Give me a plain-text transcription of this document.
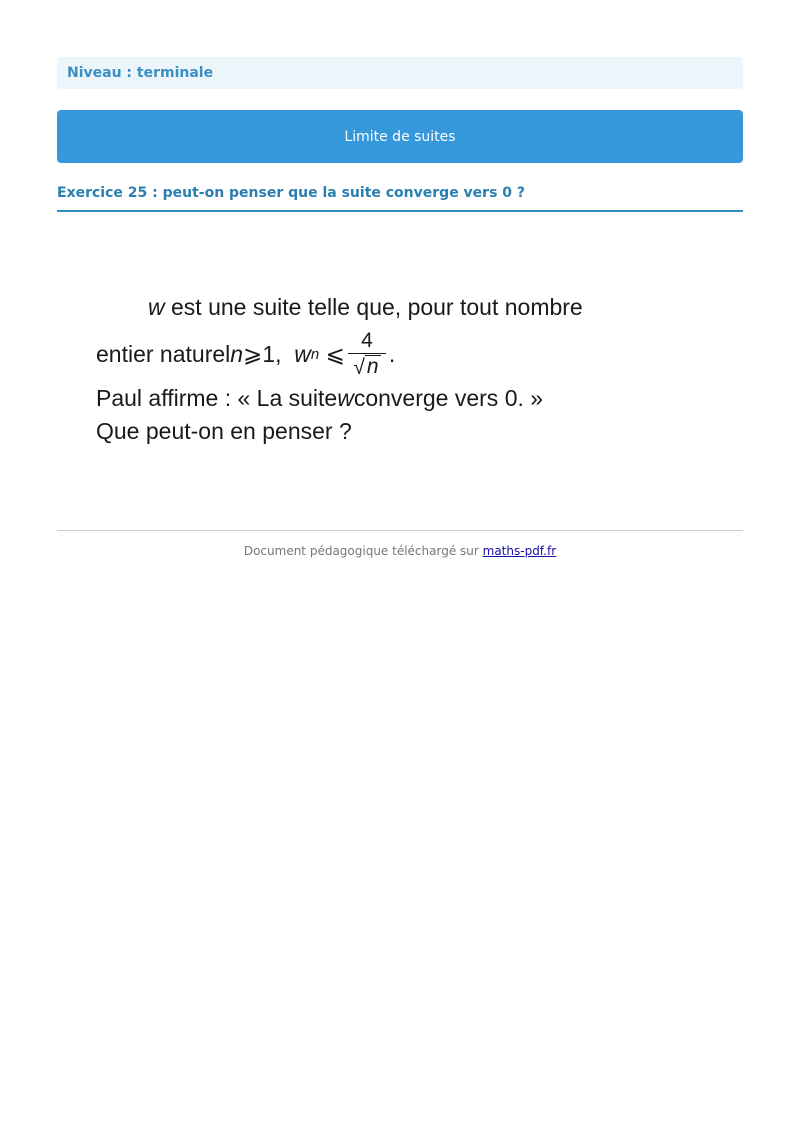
Niveau : terminale
Limite de suites
Exercice 25 : peut-on penser que la suite converge vers 0 ?
w est une suite telle que, pour tout nombre
entier naturel n ⩾1,
w n
⩽ $\frac{4}{√ n}$ .
Paul affirme : « La suite w converge vers 0. »
Que peut-on en penser ?
Document pédagogique téléchargé sur maths-pdf.fr
